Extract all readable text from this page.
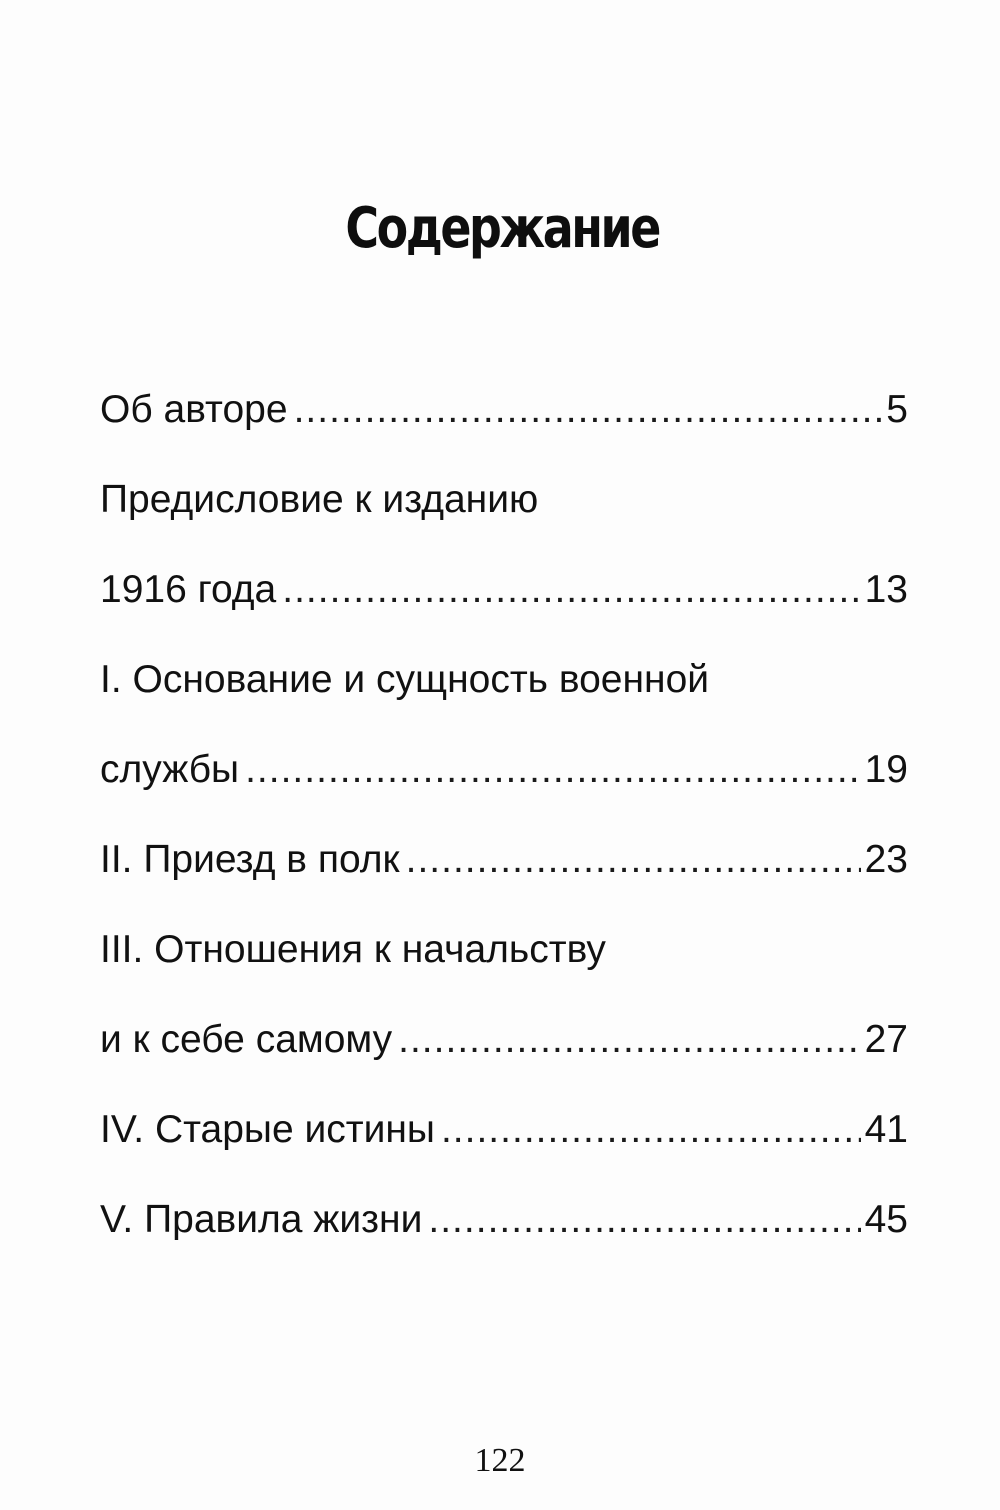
Содержание
Об авторе .....	5
Предисловие к изданию
1916 года .....	13
I. Основание и сущность военной
службы .....	19
II. Приезд в полк .....	23
III. Отношения к начальству
и к себе самому .....	27
IV. Старые истины .....	41
V. Правила жизни .....	45
122
